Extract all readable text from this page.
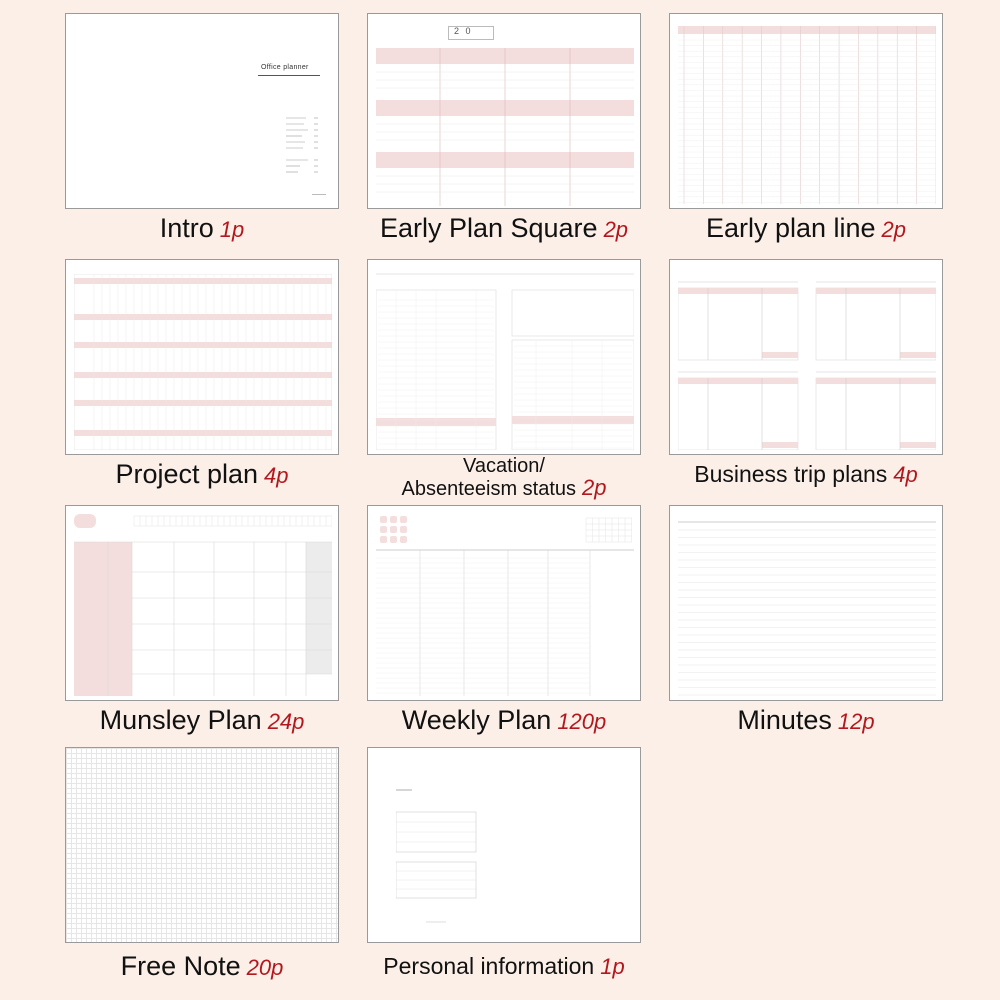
Office planner
Intro 1p
2 0
Early Plan Square 2p	Early plan line 2p
Project plan 4p	Vacation/
Absenteeism status 2p
Business trip plans 4p
Munsley Plan 24p	Weekly Plan 120p	Minutes 12p
Free Note 20p	Personal information 1p
